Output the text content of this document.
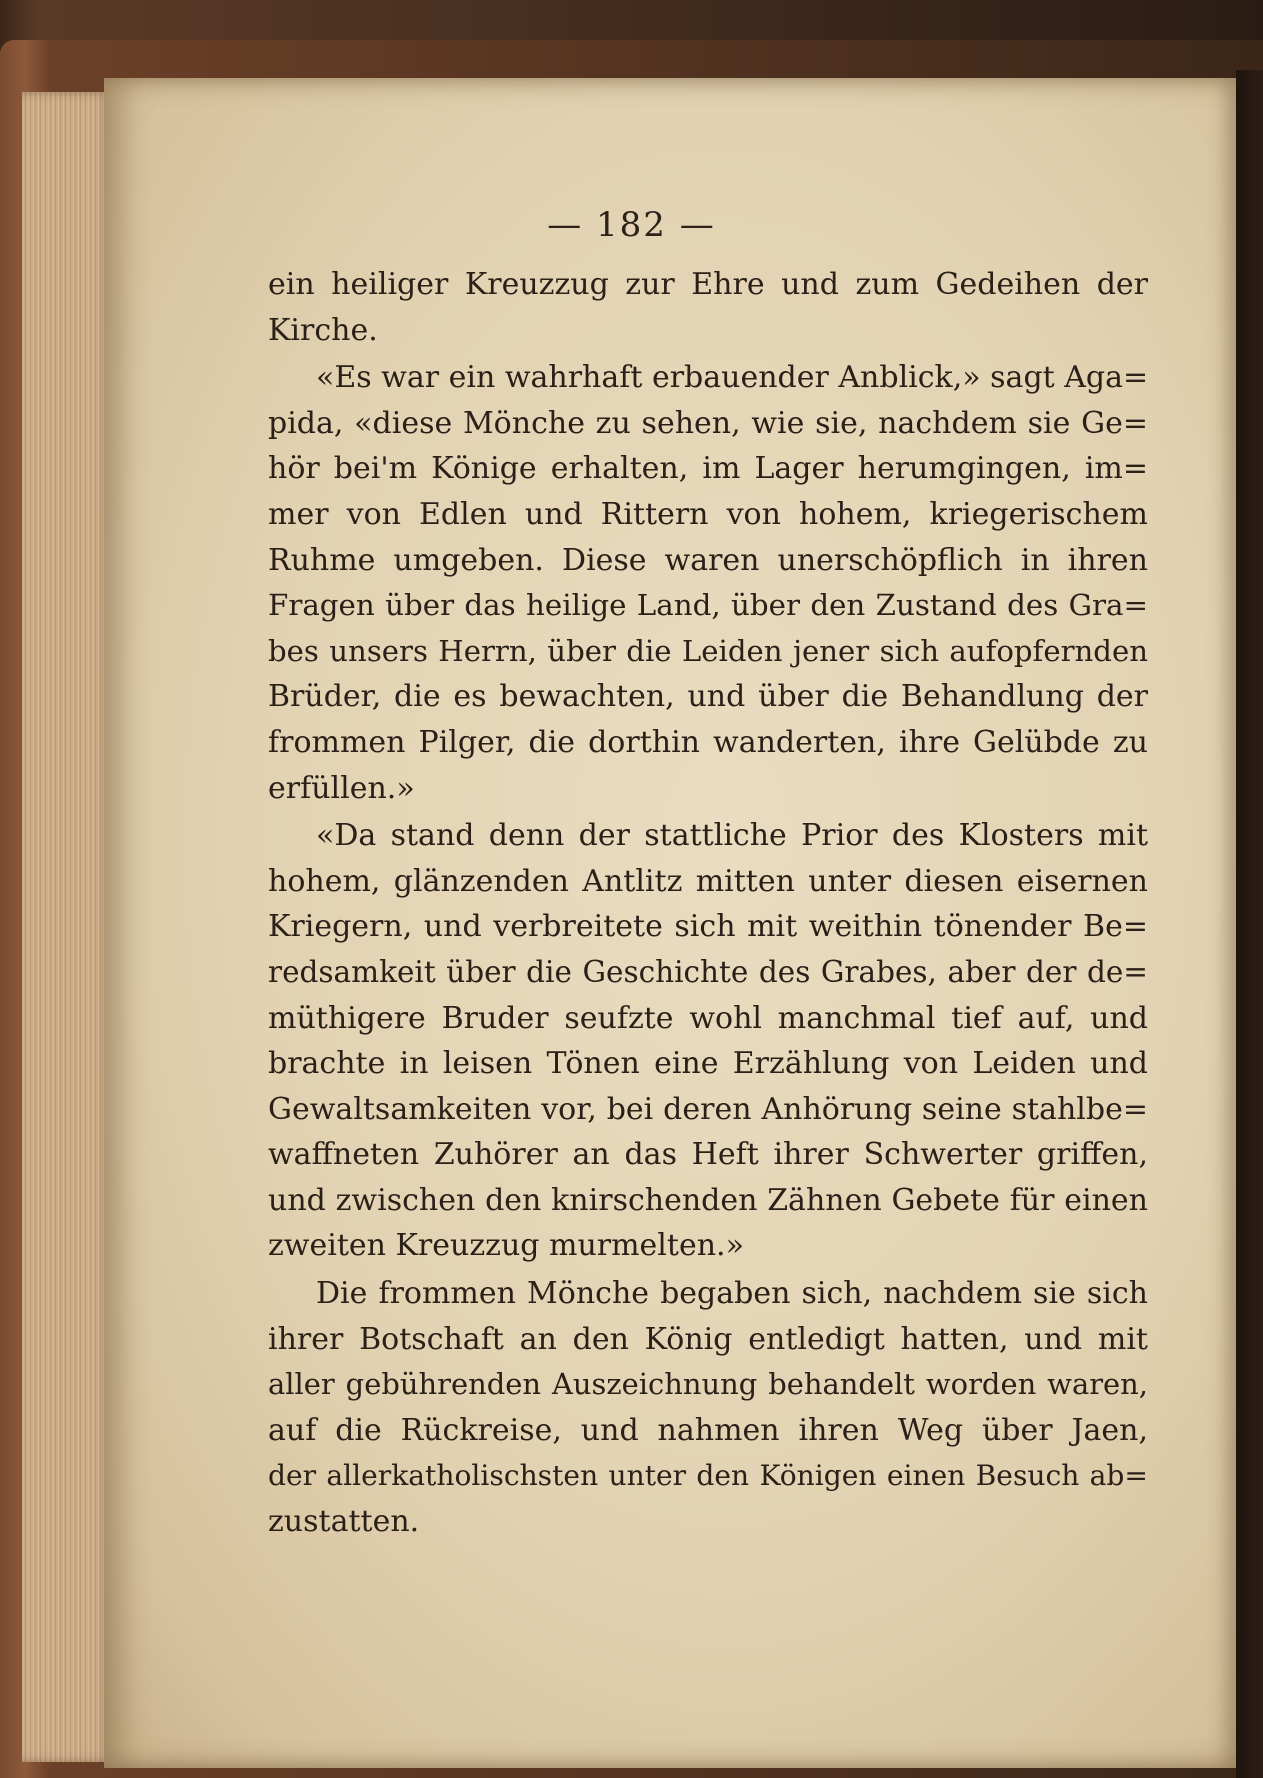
— 182 —
ein heiliger Kreuzzug zur Ehre und zum Gedeihen der
Kirche.
«Es war ein wahrhaft erbauender Anblick,» sagt Aga=
pida, «diese Mönche zu sehen, wie sie, nachdem sie Ge=
hör bei'm Könige erhalten, im Lager herumgingen, im=
mer von Edlen und Rittern von hohem, kriegerischem
Ruhme umgeben. Diese waren unerschöpflich in ihren
Fragen über das heilige Land, über den Zustand des Gra=
bes unsers Herrn, über die Leiden jener sich aufopfernden
Brüder, die es bewachten, und über die Behandlung der
frommen Pilger, die dorthin wanderten, ihre Gelübde zu
erfüllen.»
«Da stand denn der stattliche Prior des Klosters mit
hohem, glänzenden Antlitz mitten unter diesen eisernen
Kriegern, und verbreitete sich mit weithin tönender Be=
redsamkeit über die Geschichte des Grabes, aber der de=
müthigere Bruder seufzte wohl manchmal tief auf, und
brachte in leisen Tönen eine Erzählung von Leiden und
Gewaltsamkeiten vor, bei deren Anhörung seine stahlbe=
waffneten Zuhörer an das Heft ihrer Schwerter griffen,
und zwischen den knirschenden Zähnen Gebete für einen
zweiten Kreuzzug murmelten.»
Die frommen Mönche begaben sich, nachdem sie sich
ihrer Botschaft an den König entledigt hatten, und mit
aller gebührenden Auszeichnung behandelt worden waren,
auf die Rückreise, und nahmen ihren Weg über Jaen,
der allerkatholischsten unter den Königen einen Besuch ab=
zustatten.
